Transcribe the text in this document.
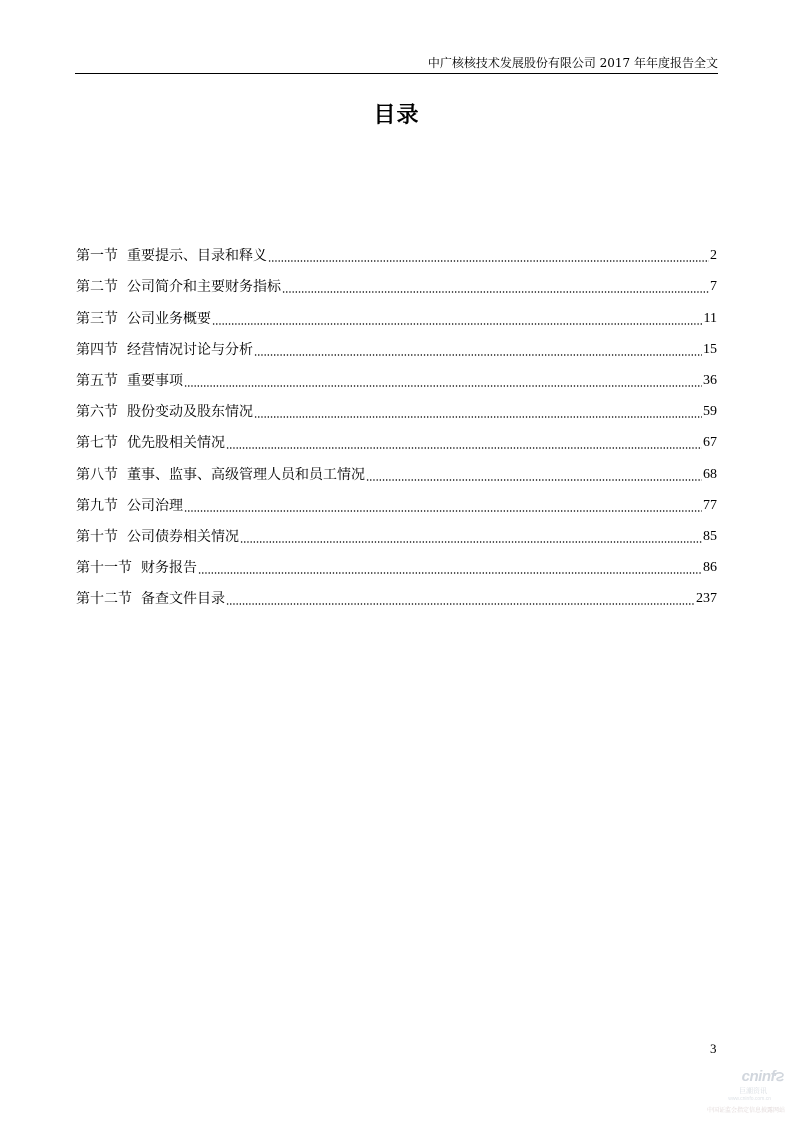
中广核核技术发展股份有限公司 2017 年年度报告全文
目录
第一节 重要提示、目录和释义	2
第二节 公司简介和主要财务指标	7
第三节 公司业务概要	11
第四节 经营情况讨论与分析	15
第五节 重要事项	36
第六节 股份变动及股东情况	59
第七节 优先股相关情况	67
第八节 董事、监事、高级管理人员和员工情况	68
第九节 公司治理	77
第十节 公司债券相关情况	85
第十一节 财务报告	86
第十二节 备查文件目录	237
3
cninf
巨潮资讯
www.cninfo.com.cn
中国证监会指定信息披露网站
